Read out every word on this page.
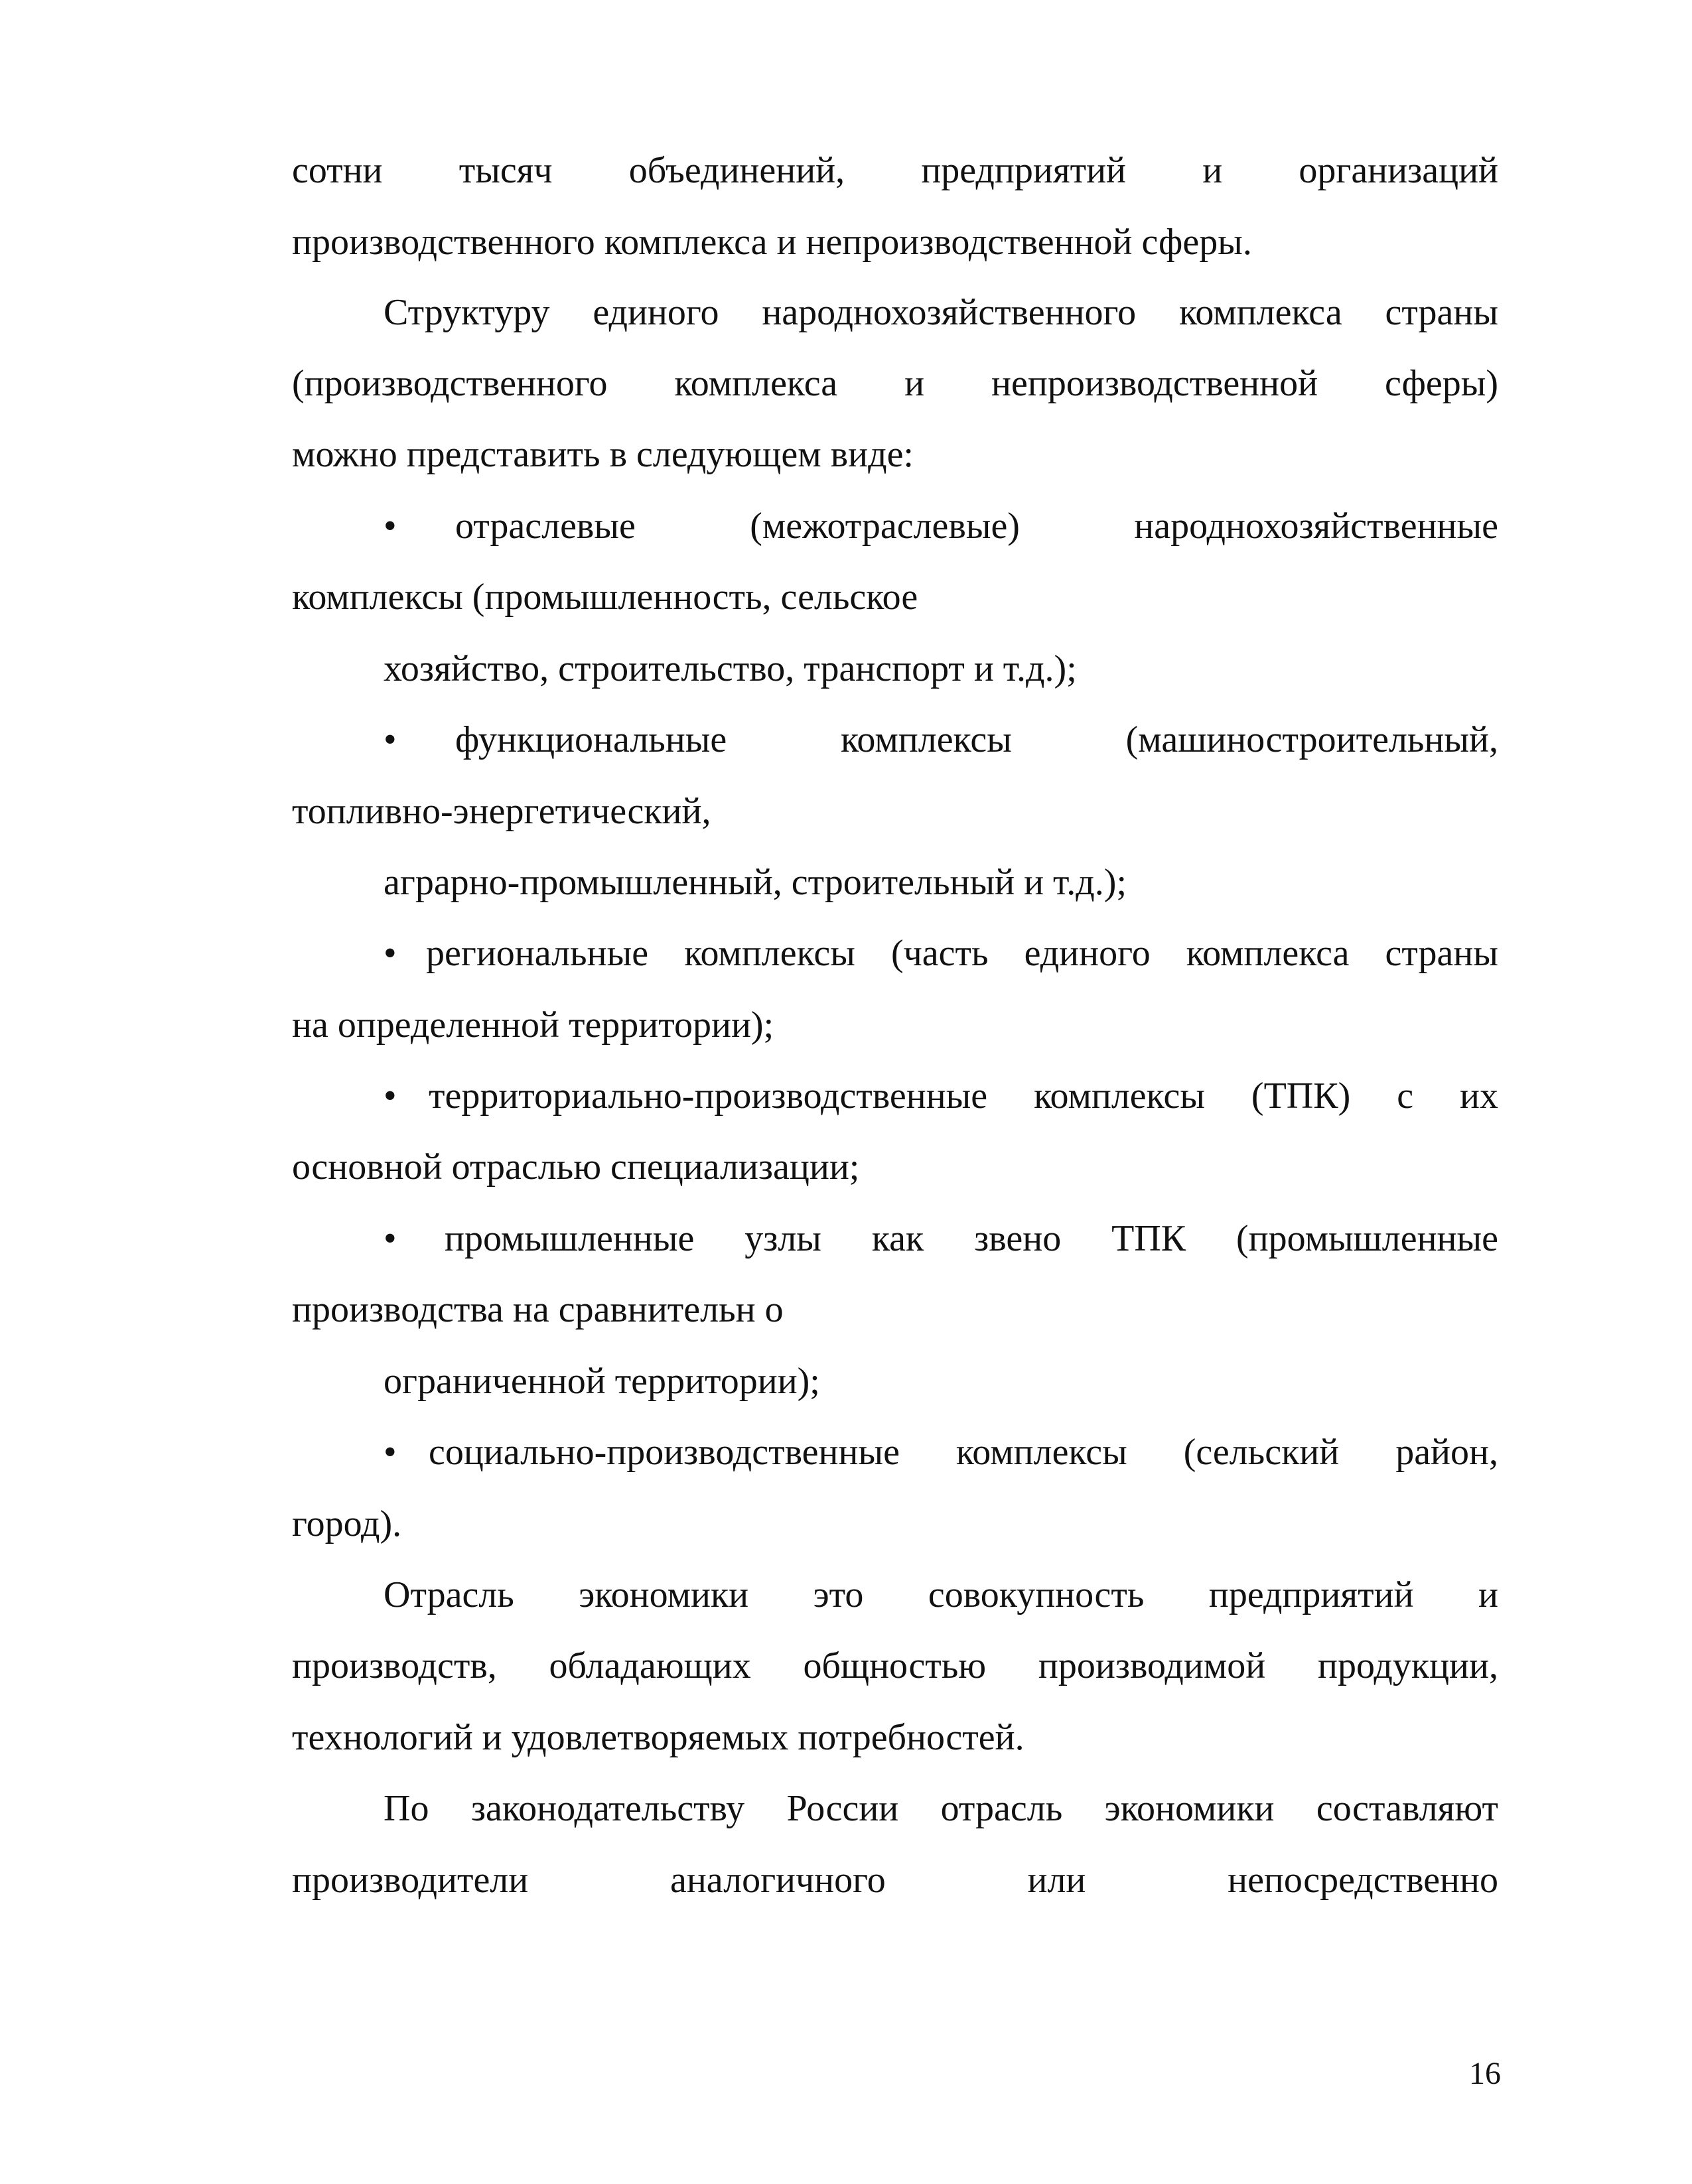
сотни тысяч объединений, предприятий и организаций
производственного комплекса и непроизводственной сферы.
Структуру единого народнохозяйственного комплекса страны
(производственного комплекса и непроизводственной сферы)
можно представить в следующем виде:
• отраслевые (межотраслевые) народнохозяйственные
комплексы (промышленность, сельское
хозяйство, строительство, транспорт и т.д.);
• функциональные комплексы (машиностроительный,
топливно-энергетический,
аграрно-промышленный, строительный и т.д.);
• региональные комплексы (часть единого комплекса страны
на определенной территории);
• территориально-производственные комплексы (ТПК) с их
основной отраслью специализации;
• промышленные узлы как звено ТПК (промышленные
производства на сравнительн о
ограниченной территории);
• социально-производственные комплексы (сельский район,
город).
Отрасль экономики это совокупность предприятий и
производств, обладающих общностью производимой продукции,
технологий и удовлетворяемых потребностей.
По законодательству России отрасль экономики составляют
производители аналогичного или непосредственно
16
